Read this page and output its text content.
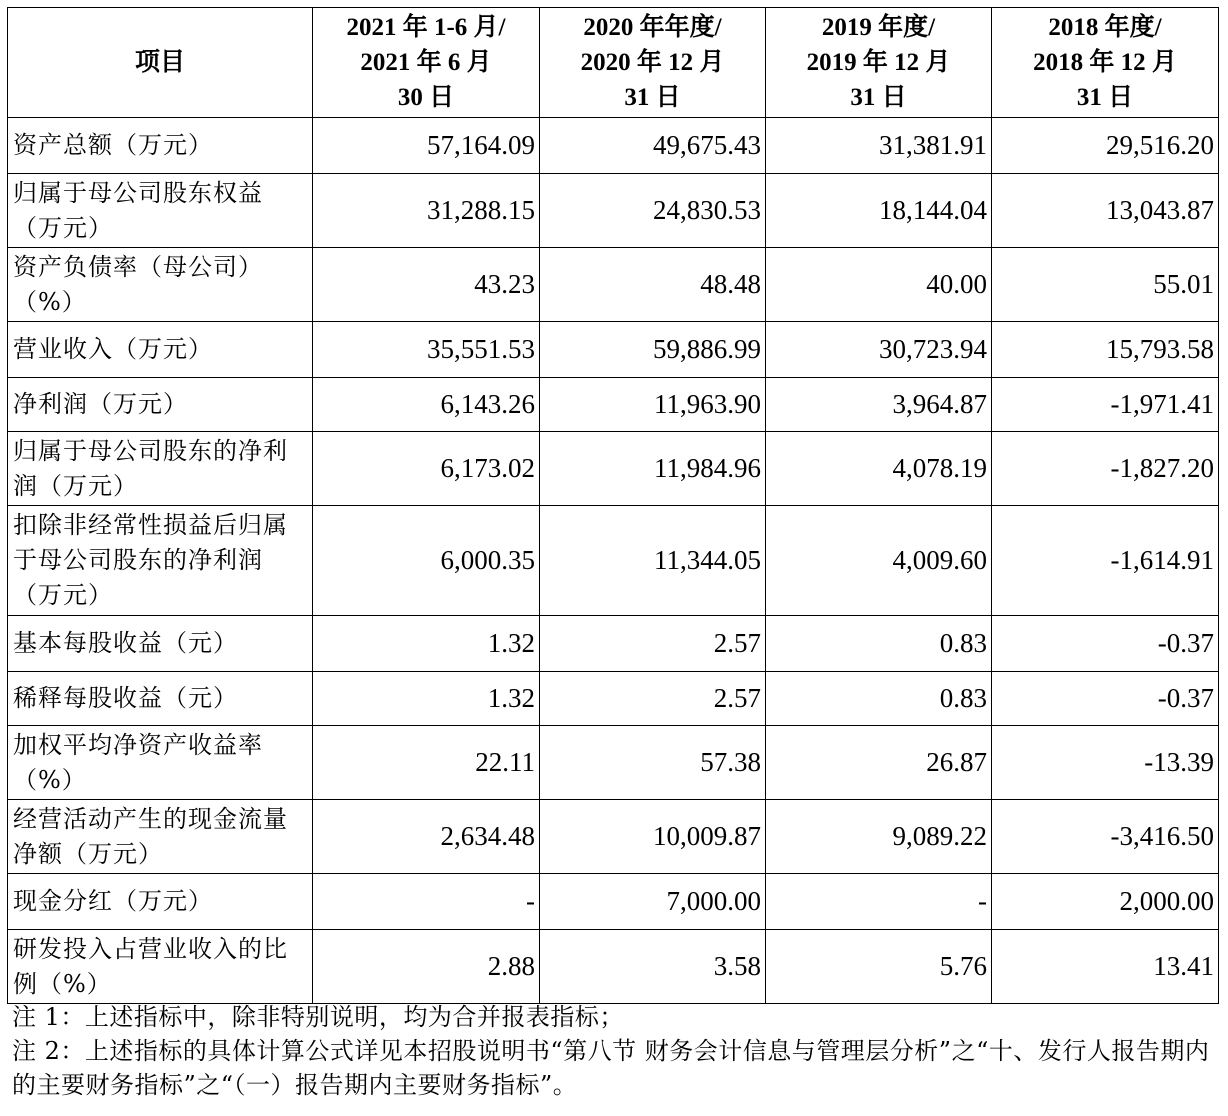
项目	2021 年 1-6 月/
2021 年 6 月
30 日	2020 年年度/
2020 年 12 月
31 日	2019 年度/
2019 年 12 月
31 日	2018 年度/
2018 年 12 月
31 日

资产总额（万元）	57,164.09	49,675.43	31,381.91	29,516.20
归属于母公司股东权益（万元）	31,288.15	24,830.53	18,144.04	13,043.87
资产负债率（母公司）（%）	43.23	48.48	40.00	55.01
营业收入（万元）	35,551.53	59,886.99	30,723.94	15,793.58
净利润（万元）	6,143.26	11,963.90	3,964.87	-1,971.41
归属于母公司股东的净利润（万元）	6,173.02	11,984.96	4,078.19	-1,827.20
扣除非经常性损益后归属于母公司股东的净利润（万元）	6,000.35	11,344.05	4,009.60	-1,614.91
基本每股收益（元）	1.32	2.57	0.83	-0.37
稀释每股收益（元）	1.32	2.57	0.83	-0.37
加权平均净资产收益率（%）	22.11	57.38	26.87	-13.39
经营活动产生的现金流量净额（万元）	2,634.48	10,009.87	9,089.22	-3,416.50
现金分红（万元）	-	7,000.00	-	2,000.00
研发投入占营业收入的比例（%）	2.88	3.58	5.76	13.41

注 1：上述指标中，除非特别说明，均为合并报表指标；

注 2：上述指标的具体计算公式详见本招股说明书“第八节 财务会计信息与管理层分析”之“十、发行人报告期内的主要财务指标”之“（一）报告期内主要财务指标”。
